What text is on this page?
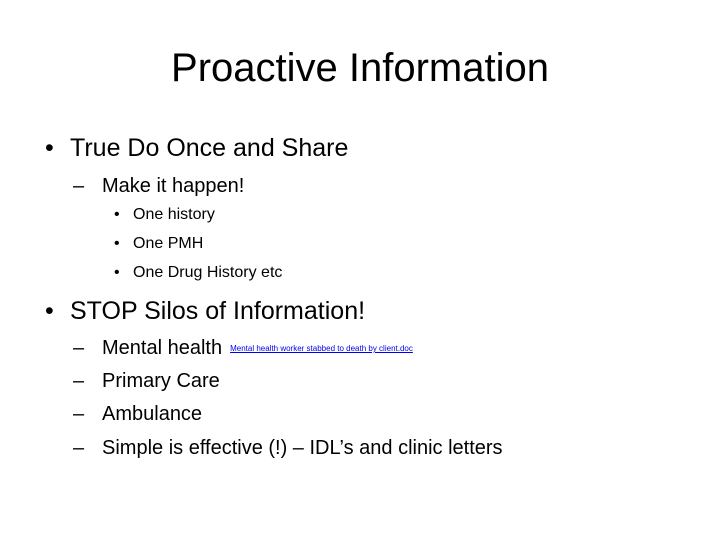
Proactive Information
• True Do Once and Share
– Make it happen!
• One history
• One PMH
• One Drug History etc
• STOP Silos of Information!
– Mental health Mental health worker stabbed to death by client.doc
– Primary Care
– Ambulance
– Simple is effective (!) – IDL’s and clinic letters
